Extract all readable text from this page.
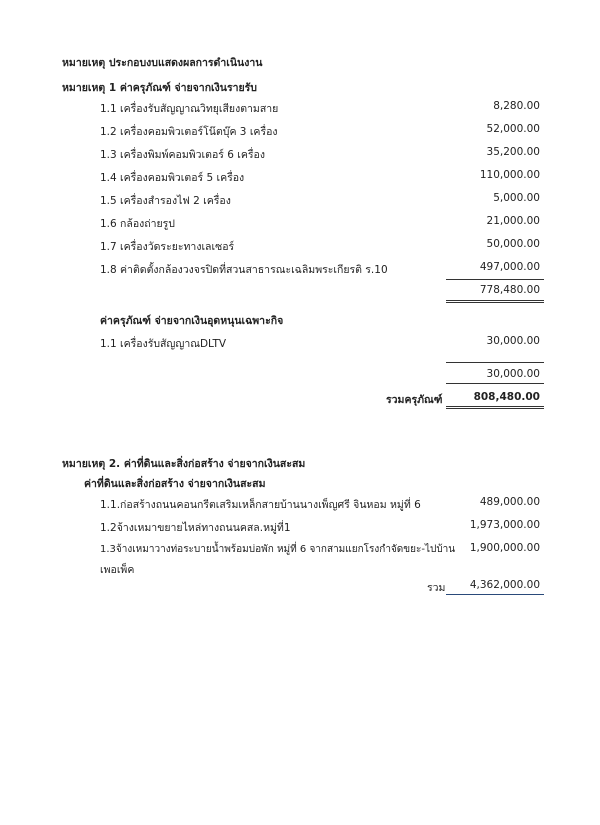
หมายเหตุ ประกอบงบแสดงผลการดำเนินงาน
หมายเหตุ 1 ค่าครุภัณฑ์ จ่ายจากเงินรายรับ
1.1 เครื่องรับสัญญาณวิทยุเสียงตามสาย	8,280.00
1.2 เครื่องคอมพิวเตอร์โน๊ตบุ๊ค 3 เครื่อง	52,000.00
1.3 เครื่องพิมพ์คอมพิวเตอร์ 6 เครื่อง	35,200.00
1.4 เครื่องคอมพิวเตอร์ 5 เครื่อง	110,000.00
1.5 เครื่องสำรองไฟ 2 เครื่อง	5,000.00
1.6 กล้องถ่ายรูป	21,000.00
1.7 เครื่องวัดระยะทางเลเซอร์	50,000.00
1.8 ค่าติดตั้งกล้องวงจรปิดที่สวนสาธารณะเฉลิมพระเกียรติ ร.10	497,000.00
778,480.00
ค่าครุภัณฑ์ จ่ายจากเงินอุดหนุนเฉพาะกิจ
1.1 เครื่องรับสัญญาณDLTV	30,000.00
30,000.00
รวมครุภัณฑ์	808,480.00
หมายเหตุ 2. ค่าที่ดินและสิ่งก่อสร้าง จ่ายจากเงินสะสม
ค่าที่ดินและสิ่งก่อสร้าง จ่ายจากเงินสะสม
1.1.ก่อสร้างถนนคอนกรีตเสริมเหล็กสายบ้านนางเพ็ญศรี จินหอม หมู่ที่ 6	489,000.00
1.2จ้างเหมาขยายไหล่ทางถนนคสล.หมู่ที่1	1,973,000.00
1.3จ้างเหมาวางท่อระบายน้ำพร้อมบ่อพัก หมู่ที่ 6 จากสามแยกโรงกำจัดขยะ-ไปบ้าน 1,900,000.00
เพอเพ็ค
รวม 4,362,000.00
